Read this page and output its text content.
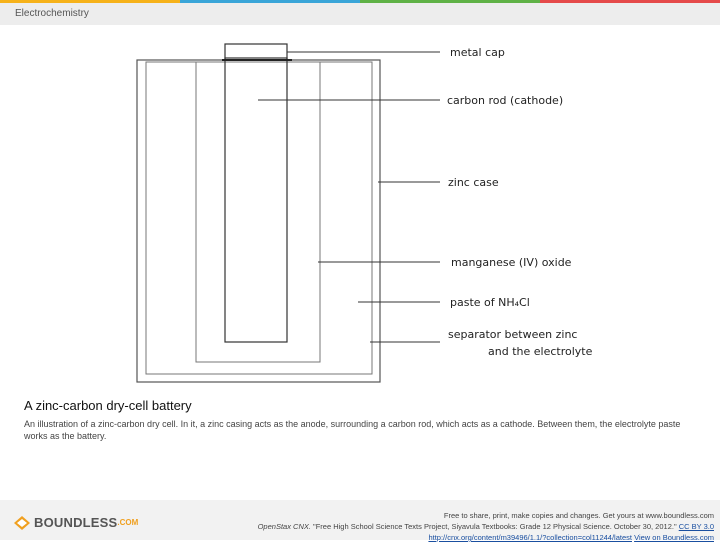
Electrochemistry
metal cap
carbon rod (cathode)
zinc case
manganese (IV) oxide
paste of NH₄Cl
separator between zinc
and the electrolyte
A zinc-carbon dry-cell battery
An illustration of a zinc-carbon dry cell. In it, a zinc casing acts as the anode, surrounding a carbon rod, which acts as a cathode. Between them, the electrolyte paste works as the battery.
BOUNDLESS .COM
Free to share, print, make copies and changes. Get yours at www.boundless.com
OpenStax CNX. "Free High School Science Texts Project, Siyavula Textbooks: Grade 12 Physical Science. October 30, 2012." CC BY 3.0
http://cnx.org/content/m39496/1.1/?collection=col11244/latest View on Boundless.com
